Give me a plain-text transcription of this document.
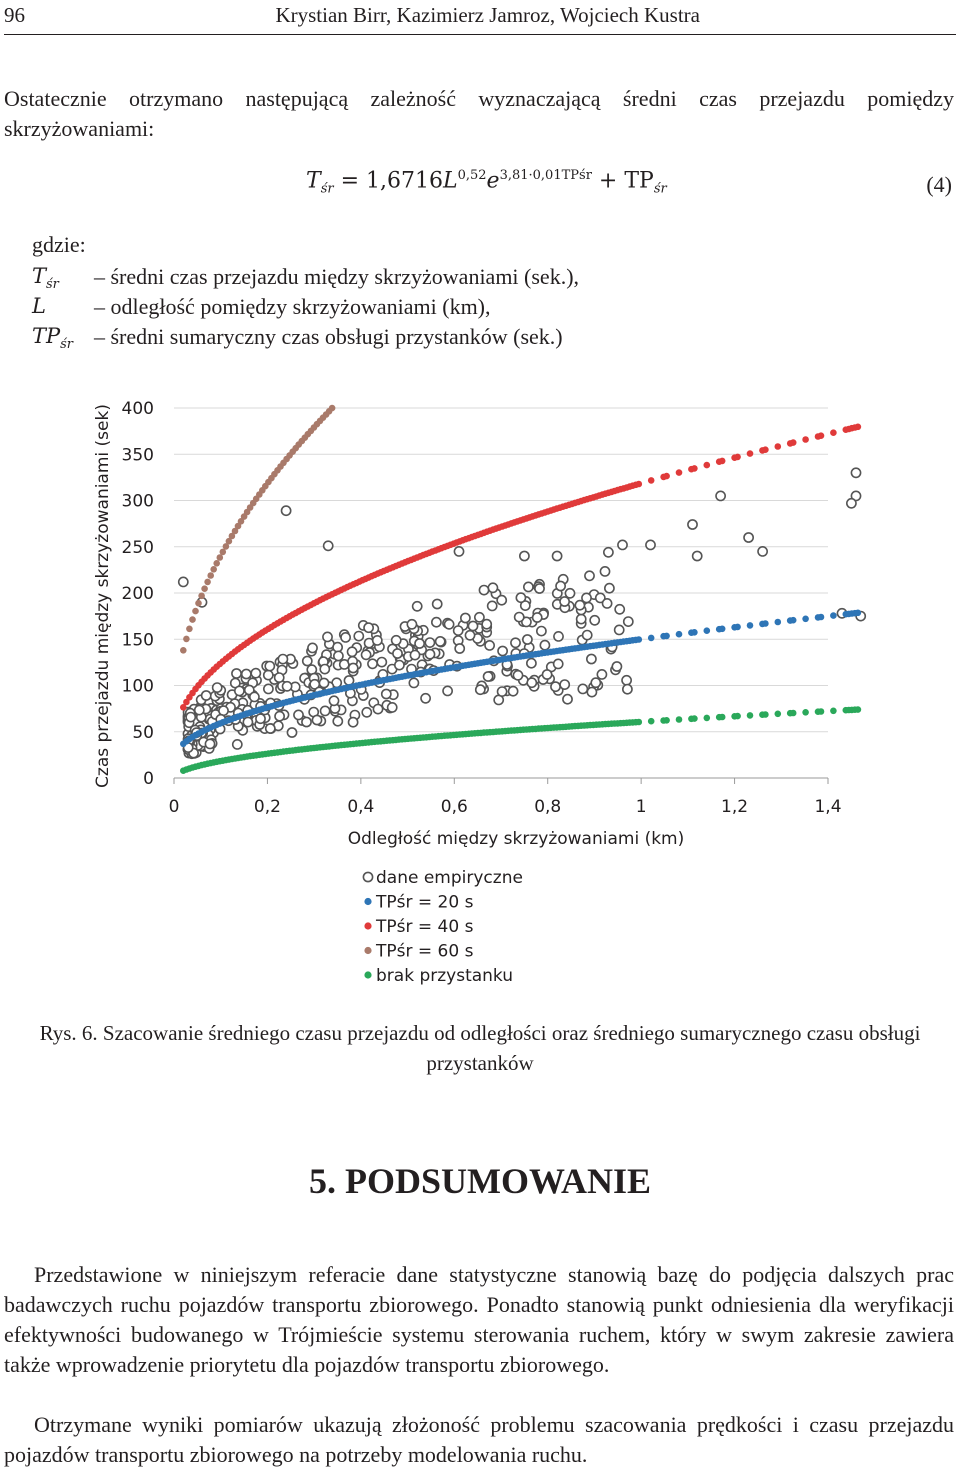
96	Krystian Birr, Kazimierz Jamroz, Wojciech Kustra

Ostatecznie otrzymano następującą zależność wyznaczającą średni czas przejazdu pomiędzy skrzyżowaniami:

$T_{śr} = 1,6716L^{0,52}e^{3,81\cdot 0,01TPśr} + TP_{śr}$	(4)
gdzie:
$T_{śr}$ – średni czas przejazdu między skrzyżowaniami (sek.),
L – odległość pomiędzy skrzyżowaniami (km),
$TP_{śr}$ – średni sumaryczny czas obsługi przystanków (sek.)
0
50
100
150
200
250
300
350
400
0	0,2	0,4	0,6	0,8	1	1,2	1,4
Czas przejazdu między skrzyżowaniami (sek)
Odległość między skrzyżowaniami (km)
dane empiryczne
TPśr = 20 s
TPśr = 40 s
TPśr = 60 s
brak przystanku

Rys. 6. Szacowanie średniego czasu przejazdu od odległości oraz średniego sumarycznego czasu obsługi przystanków

5. PODSUMOWANIE

Przedstawione w niniejszym referacie dane statystyczne stanowią bazę do podjęcia dalszych prac badawczych ruchu pojazdów transportu zbiorowego. Ponadto stanowią punkt odniesienia dla weryfikacji efektywności budowanego w Trójmieście systemu sterowania ruchem, który w swym zakresie zawiera także wprowadzenie priorytetu dla pojazdów transportu zbiorowego.

Otrzymane wyniki pomiarów ukazują złożoność problemu szacowania prędkości i czasu przejazdu pojazdów transportu zbiorowego na potrzeby modelowania ruchu.
